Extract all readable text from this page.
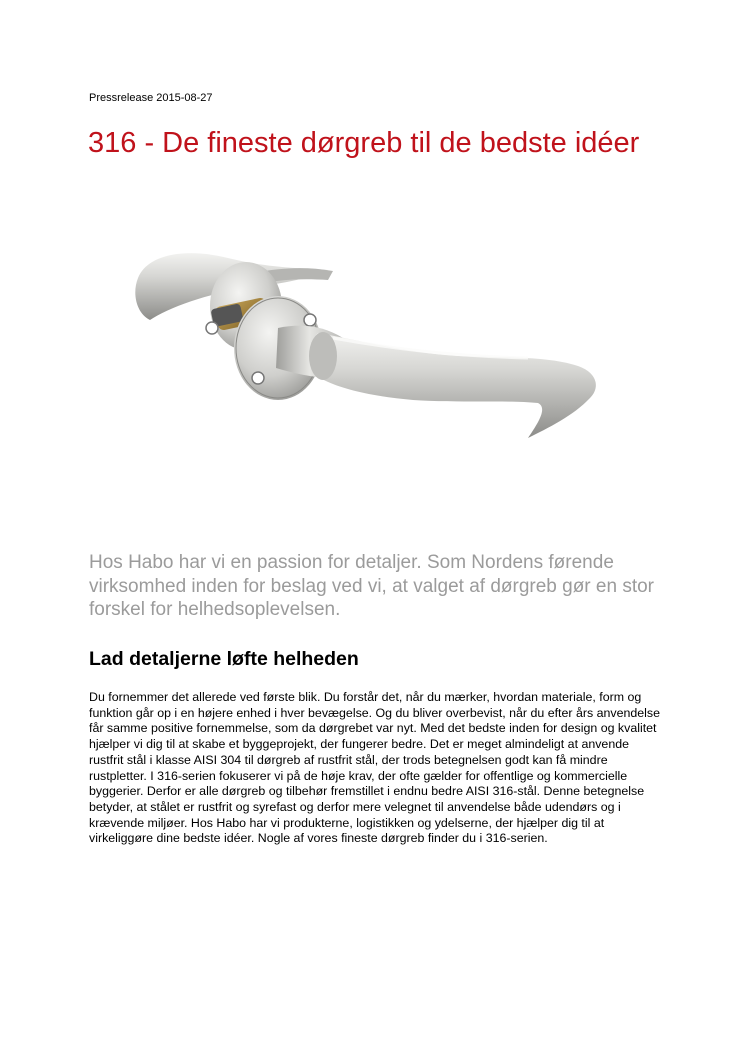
Pressrelease 2015-08-27
316 - De fineste dørgreb til de bedste idéer

Hos Habo har vi en passion for detaljer. Som Nordens førende virksomhed inden for beslag ved vi, at valget af dørgreb gør en stor forskel for helhedsoplevelsen.

Lad detaljerne løfte helheden

Du fornemmer det allerede ved første blik. Du forstår det, når du mærker, hvordan materiale, form og funktion går op i en højere enhed i hver bevægelse. Og du bliver overbevist, når du efter års anvendelse får samme positive fornemmelse, som da dørgrebet var nyt. Med det bedste inden for design og kvalitet hjælper vi dig til at skabe et byggeprojekt, der fungerer bedre. Det er meget almindeligt at anvende rustfrit stål i klasse AISI 304 til dørgreb af rustfrit stål, der trods betegnelsen godt kan få mindre rustpletter. I 316-serien fokuserer vi på de høje krav, der ofte gælder for offentlige og kommercielle byggerier. Derfor er alle dørgreb og tilbehør fremstillet i endnu bedre AISI 316-stål. Denne betegnelse betyder, at stålet er rustfrit og syrefast og derfor mere velegnet til anvendelse både udendørs og i krævende miljøer. Hos Habo har vi produkterne, logistikken og ydelserne, der hjælper dig til at virkeliggøre dine bedste idéer. Nogle af vores fineste dørgreb finder du i 316-serien.
